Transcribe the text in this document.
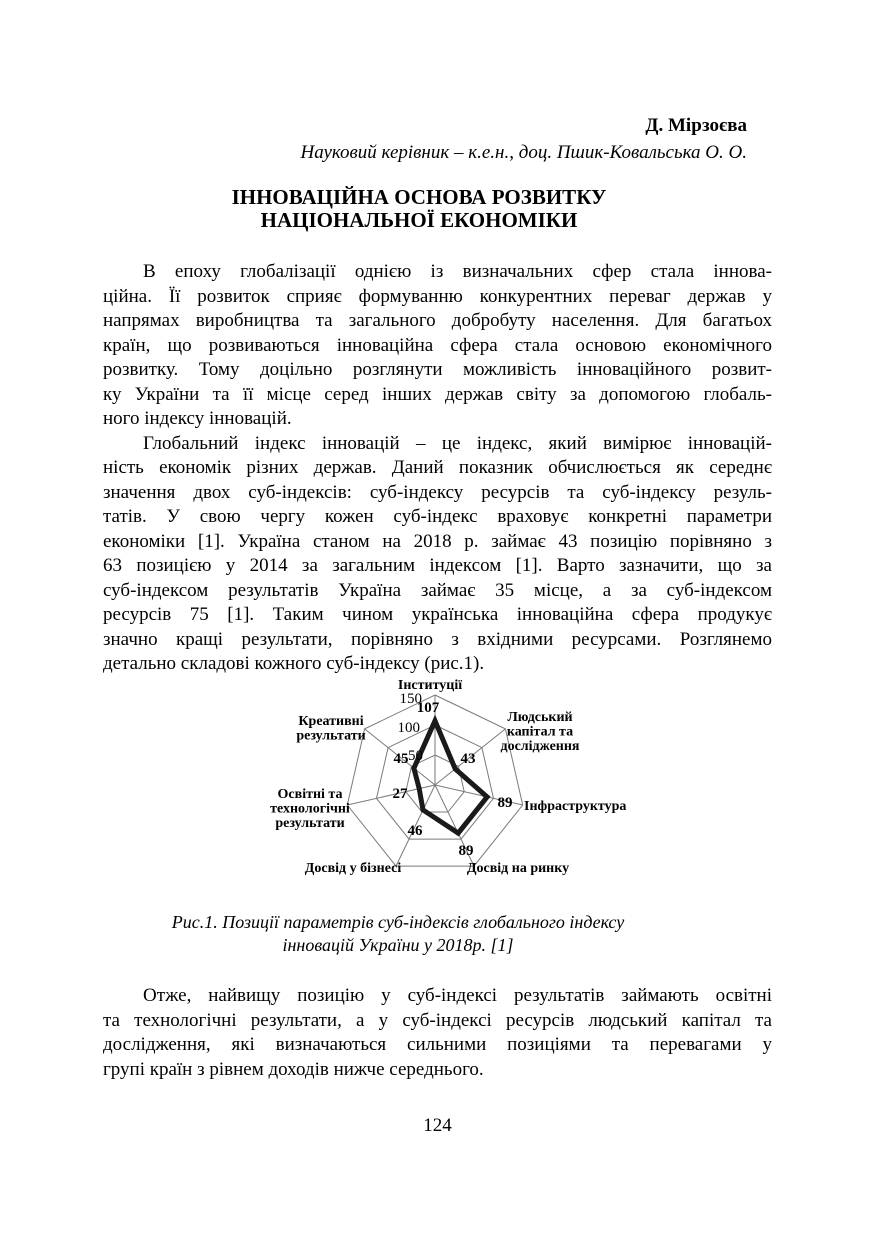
Д. Мірзоєва
Науковий керівник – к.е.н., доц. Пшик-Ковальська О. О.
ІННОВАЦІЙНА ОСНОВА РОЗВИТКУ
НАЦІОНАЛЬНОЇ ЕКОНОМІКИ
В епоху глобалізації однією із визначальних сфер стала іннова-
ційна. Її розвиток сприяє формуванню конкурентних переваг держав у
напрямах виробництва та загального добробуту населення. Для багатьох
країн, що розвиваються інноваційна сфера стала основою економічного
розвитку. Тому доцільно розглянути можливість інноваційного розвит-
ку України та її місце серед інших держав світу за допомогою глобаль-
ного індексу інновацій.
Глобальний індекс інновацій – це індекс, який вимірює інновацій-
ність економік різних держав. Даний показник обчислюється як середнє
значення двох суб-індексів: суб-індексу ресурсів та суб-індексу резуль-
татів. У свою чергу кожен суб-індекс враховує конкретні параметри
економіки [1]. Україна станом на 2018 р. займає 43 позицію порівняно з
63 позицією у 2014 за загальним індексом [1]. Варто зазначити, що за
суб-індексом результатів Україна займає 35 місце, а за суб-індексом
ресурсів 75 [1]. Таким чином українська інноваційна сфера продукує
значно кращі результати, порівняно з вхідними ресурсами. Розглянемо
детально складові кожного суб-індексу (рис.1).
50
100
150
107
43
89
89
46
27
45
Інституції
Людський
капітал та
дослідження
Інфраструктура
Досвід на ринку
Досвід у бізнесі
Освітні та
технологічні
результати
Креативні
результати
Рис.1. Позиції параметрів суб-індексів глобального індексу
інновацій України у 2018р. [1]
Отже, найвищу позицію у суб-індексі результатів займають освітні
та технологічні результати, а у суб-індексі ресурсів людський капітал та
дослідження, які визначаються сильними позиціями та перевагами у
групі країн з рівнем доходів нижче середнього.
124
